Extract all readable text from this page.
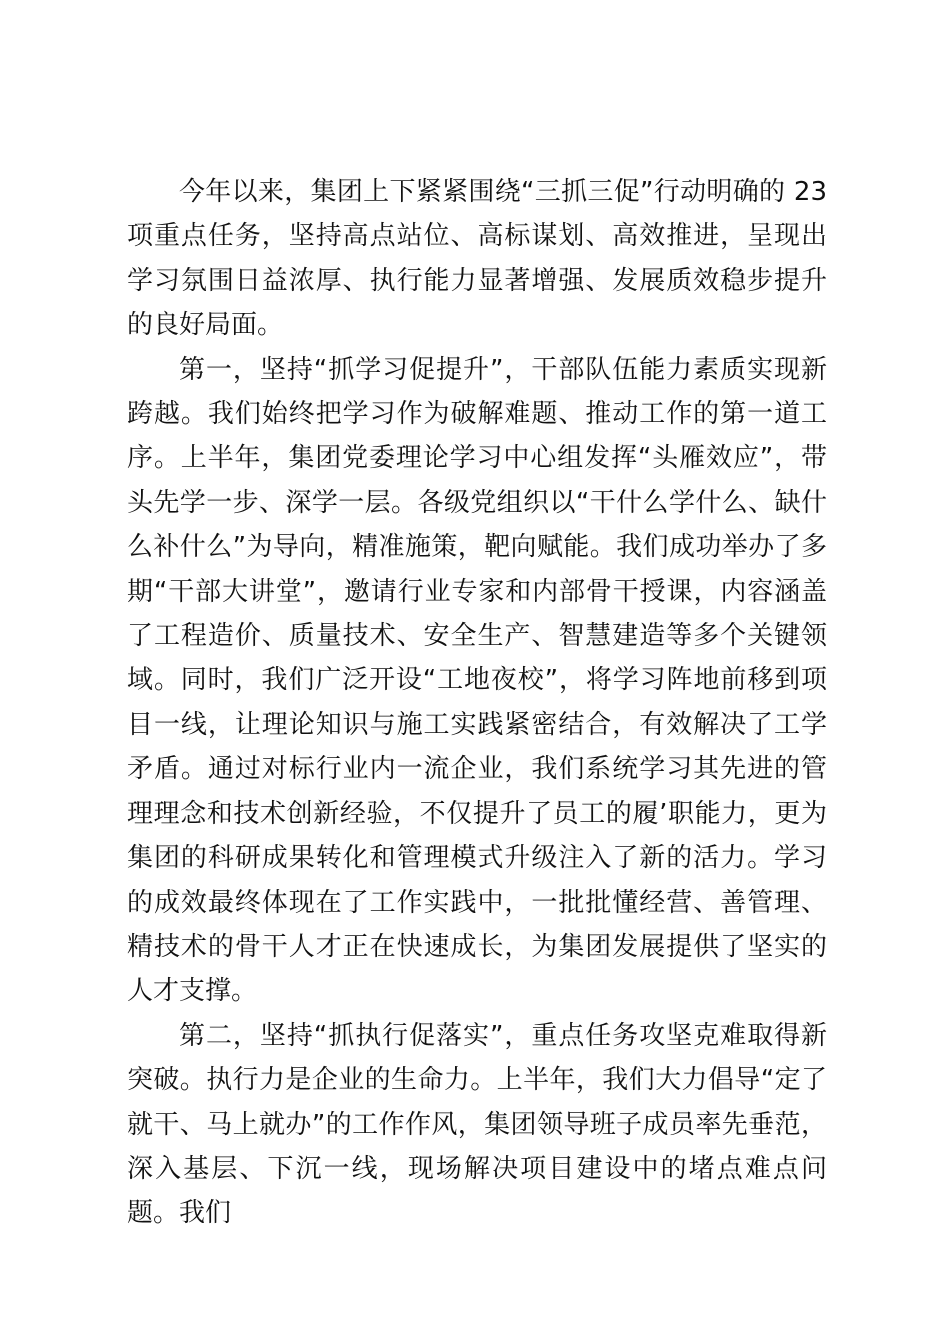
今年以来，集团上下紧紧围绕“三抓三促”行动明确的 23 项重点任务，坚持高点站位、高标谋划、高效推进，呈现出学习氛围日益浓厚、执行能力显著增强、发展质效稳步提升的良好局面。

第一，坚持“抓学习促提升”，干部队伍能力素质实现新跨越。我们始终把学习作为破解难题、推动工作的第一道工序。上半年，集团党委理论学习中心组发挥“头雁效应”，带头先学一步、深学一层。各级党组织以“干什么学什么、缺什么补什么”为导向，精准施策，靶向赋能。我们成功举办了多期“干部大讲堂”，邀请行业专家和内部骨干授课，内容涵盖了工程造价、质量技术、安全生产、智慧建造等多个关键领域。同时，我们广泛开设“工地夜校”，将学习阵地前移到项目一线，让理论知识与施工实践紧密结合，有效解决了工学矛盾。通过对标行业内一流企业，我们系统学习其先进的管理理念和技术创新经验，不仅提升了员工的履’职能力，更为集团的科研成果转化和管理模式升级注入了新的活力。学习的成效最终体现在了工作实践中，一批批懂经营、善管理、精技术的骨干人才正在快速成长，为集团发展提供了坚实的人才支撑。

第二，坚持“抓执行促落实”，重点任务攻坚克难取得新突破。执行力是企业的生命力。上半年，我们大力倡导“定了就干、马上就办”的工作作风，集团领导班子成员率先垂范，深入基层、下沉一线，现场解决项目建设中的堵点难点问题。我们
